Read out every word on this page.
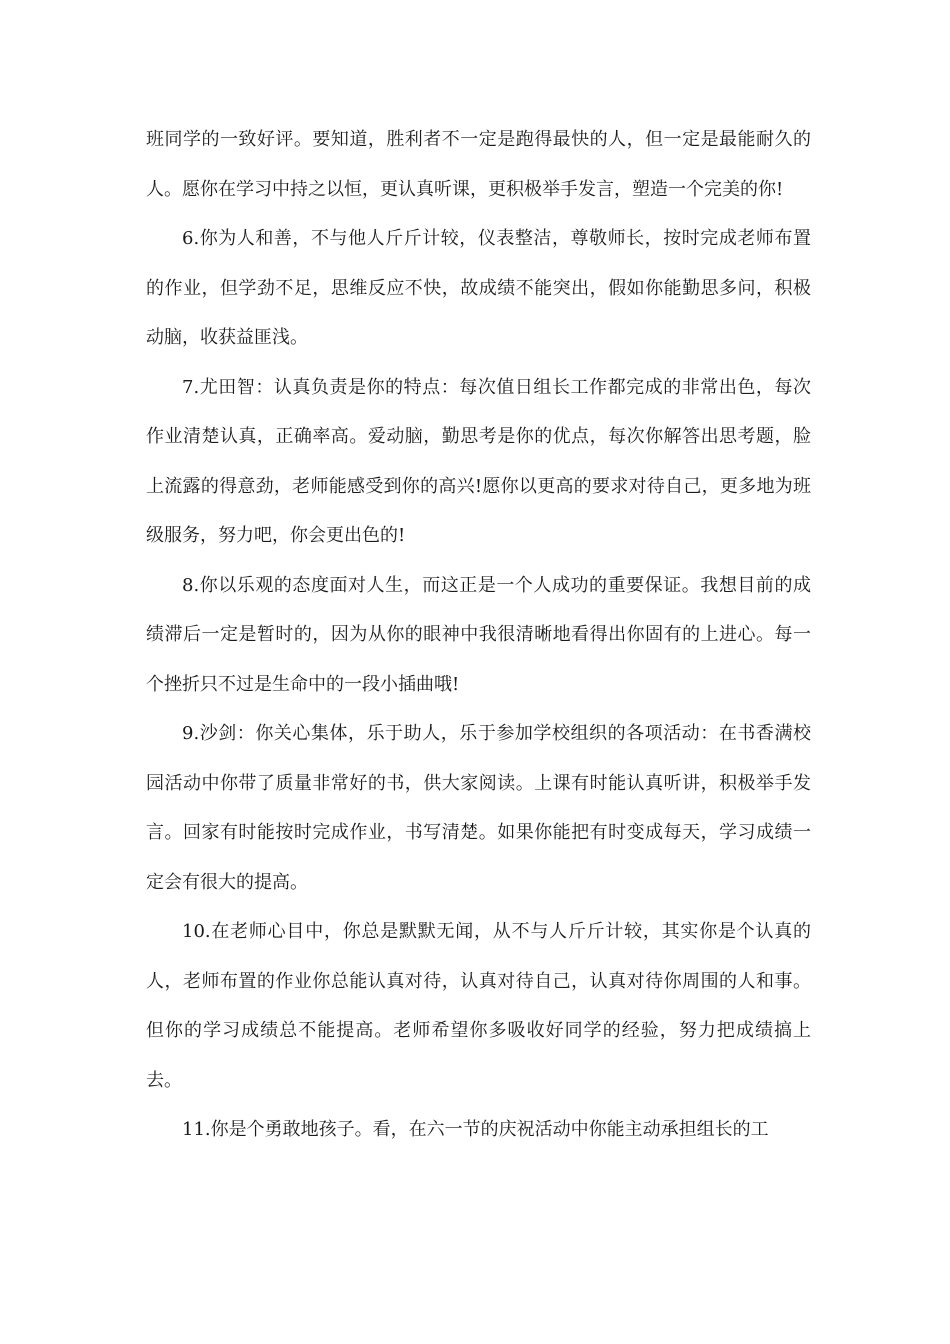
班同学的一致好评。要知道，胜利者不一定是跑得最快的人，但一定是最能耐久的人。愿你在学习中持之以恒，更认真听课，更积极举手发言，塑造一个完美的你!

6.你为人和善，不与他人斤斤计较，仪表整洁，尊敬师长，按时完成老师布置的作业，但学劲不足，思维反应不快，故成绩不能突出，假如你能勤思多问，积极动脑，收获益匪浅。

7.尤田智：认真负责是你的特点：每次值日组长工作都完成的非常出色，每次作业清楚认真，正确率高。爱动脑，勤思考是你的优点，每次你解答出思考题，脸上流露的得意劲，老师能感受到你的高兴!愿你以更高的要求对待自己，更多地为班级服务，努力吧，你会更出色的!

8.你以乐观的态度面对人生，而这正是一个人成功的重要保证。我想目前的成绩滞后一定是暂时的，因为从你的眼神中我很清晰地看得出你固有的上进心。每一个挫折只不过是生命中的一段小插曲哦!

9.沙剑：你关心集体，乐于助人，乐于参加学校组织的各项活动：在书香满校园活动中你带了质量非常好的书，供大家阅读。上课有时能认真听讲，积极举手发言。回家有时能按时完成作业，书写清楚。如果你能把有时变成每天，学习成绩一定会有很大的提高。

10.在老师心目中，你总是默默无闻，从不与人斤斤计较，其实你是个认真的人，老师布置的作业你总能认真对待，认真对待自己，认真对待你周围的人和事。但你的学习成绩总不能提高。老师希望你多吸收好同学的经验，努力把成绩搞上去。

11.你是个勇敢地孩子。看，在六一节的庆祝活动中你能主动承担组长的工
